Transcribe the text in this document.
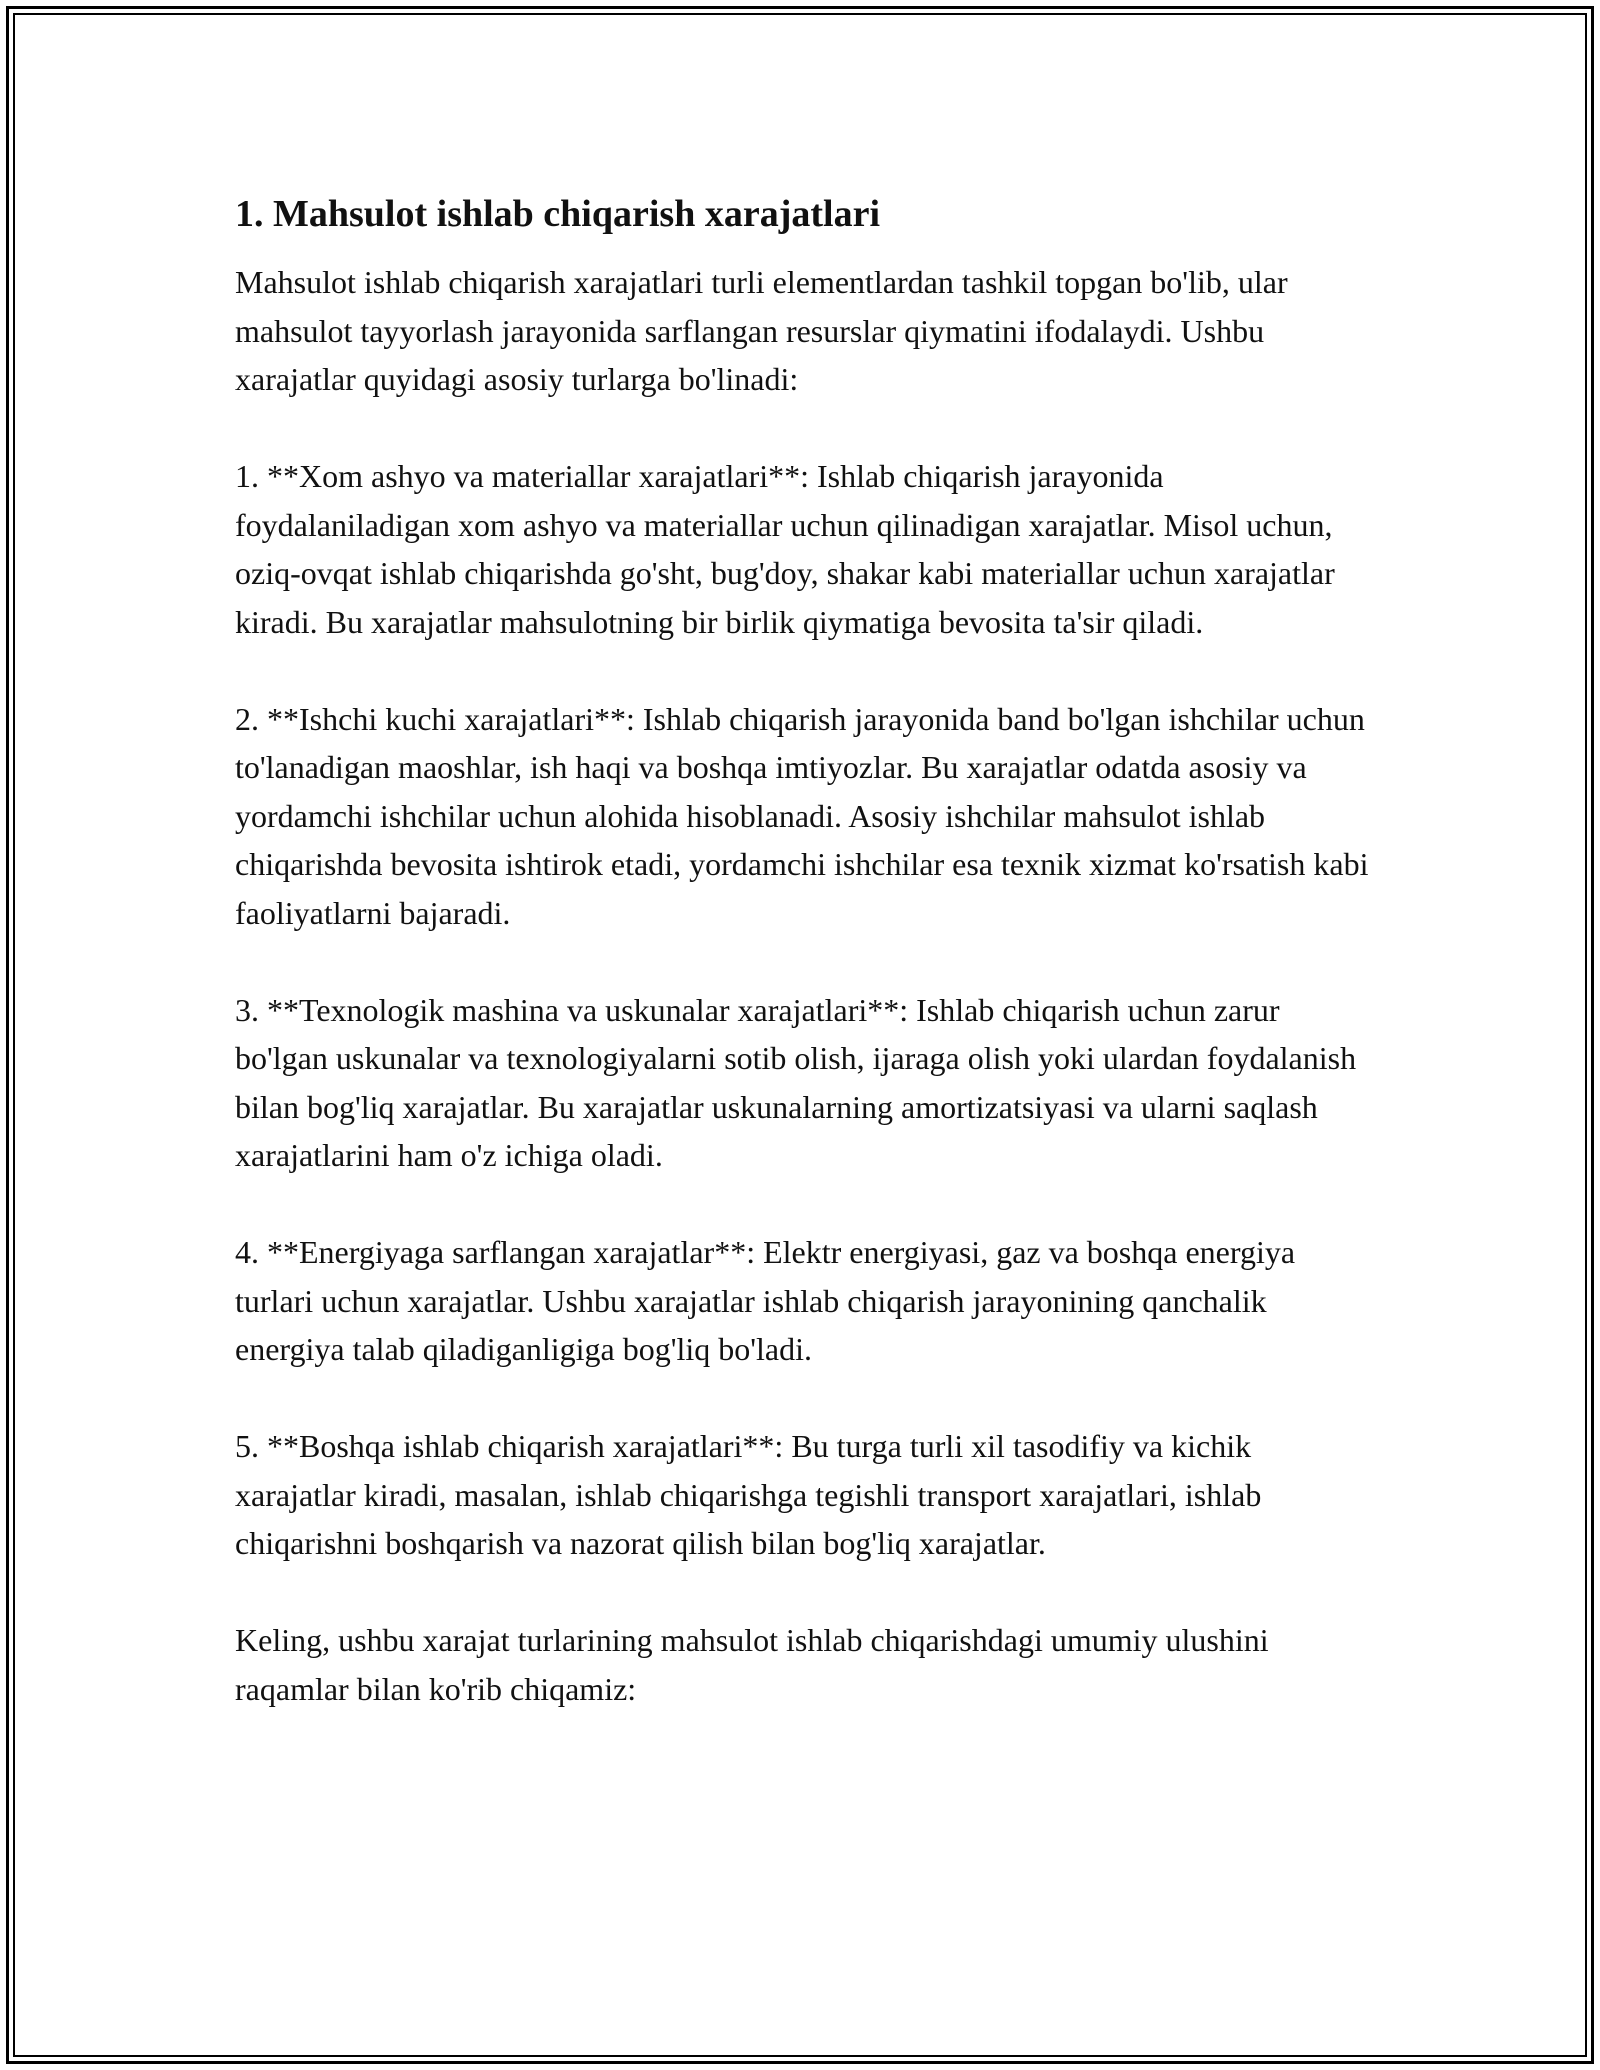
1. Mahsulot ishlab chiqarish xarajatlari

Mahsulot ishlab chiqarish xarajatlari turli elementlardan tashkil topgan bo'lib, ular mahsulot tayyorlash jarayonida sarflangan resurslar qiymatini ifodalaydi. Ushbu xarajatlar quyidagi asosiy turlarga bo'linadi:

1. **Xom ashyo va materiallar xarajatlari**: Ishlab chiqarish jarayonida foydalaniladigan xom ashyo va materiallar uchun qilinadigan xarajatlar. Misol uchun, oziq-ovqat ishlab chiqarishda go'sht, bug'doy, shakar kabi materiallar uchun xarajatlar kiradi. Bu xarajatlar mahsulotning bir birlik qiymatiga bevosita ta'sir qiladi.

2. **Ishchi kuchi xarajatlari**: Ishlab chiqarish jarayonida band bo'lgan ishchilar uchun to'lanadigan maoshlar, ish haqi va boshqa imtiyozlar. Bu xarajatlar odatda asosiy va yordamchi ishchilar uchun alohida hisoblanadi. Asosiy ishchilar mahsulot ishlab chiqarishda bevosita ishtirok etadi, yordamchi ishchilar esa texnik xizmat ko'rsatish kabi faoliyatlarni bajaradi.

3. **Texnologik mashina va uskunalar xarajatlari**: Ishlab chiqarish uchun zarur bo'lgan uskunalar va texnologiyalarni sotib olish, ijaraga olish yoki ulardan foydalanish bilan bog'liq xarajatlar. Bu xarajatlar uskunalarning amortizatsiyasi va ularni saqlash xarajatlarini ham o'z ichiga oladi.

4. **Energiyaga sarflangan xarajatlar**: Elektr energiyasi, gaz va boshqa energiya turlari uchun xarajatlar. Ushbu xarajatlar ishlab chiqarish jarayonining qanchalik energiya talab qiladiganligiga bog'liq bo'ladi.

5. **Boshqa ishlab chiqarish xarajatlari**: Bu turga turli xil tasodifiy va kichik xarajatlar kiradi, masalan, ishlab chiqarishga tegishli transport xarajatlari, ishlab chiqarishni boshqarish va nazorat qilish bilan bog'liq xarajatlar.

Keling, ushbu xarajat turlarining mahsulot ishlab chiqarishdagi umumiy ulushini raqamlar bilan ko'rib chiqamiz:
